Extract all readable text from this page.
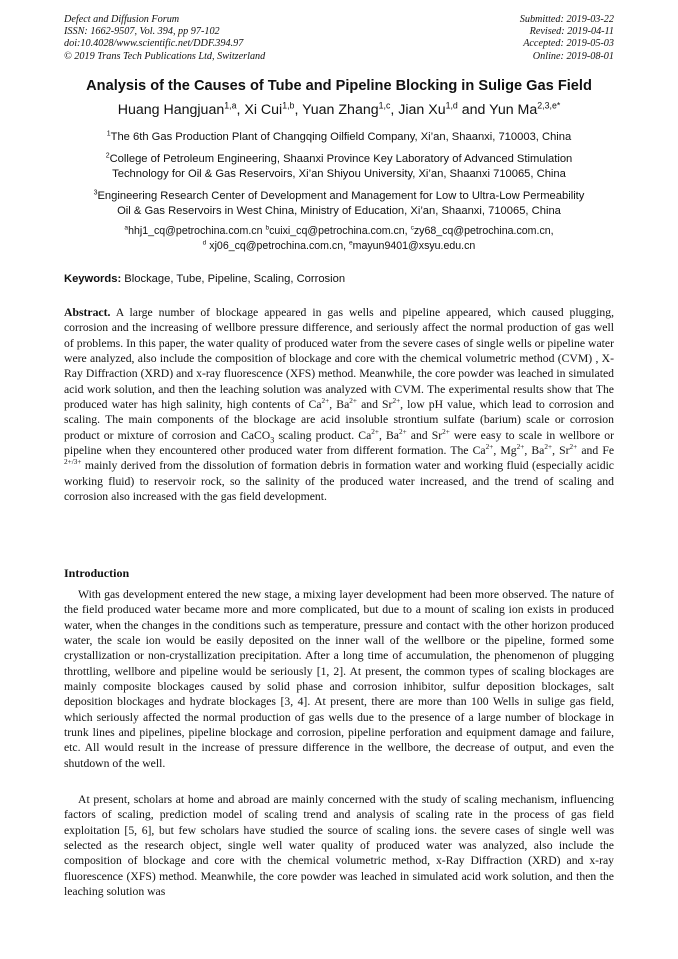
Defect and Diffusion Forum
ISSN: 1662-9507, Vol. 394, pp 97-102
doi:10.4028/www.scientific.net/DDF.394.97
© 2019 Trans Tech Publications Ltd, Switzerland
Submitted: 2019-03-22
Revised: 2019-04-11
Accepted: 2019-05-03
Online: 2019-08-01
Analysis of the Causes of Tube and Pipeline Blocking in Sulige Gas Field
Huang Hangjuan$^{1,a}$, Xi Cui$^{1,b}$, Yuan Zhang$^{1,c}$, Jian Xu$^{1,d}$ and Yun $Ma^{2,3,e*}$
$^1$The 6th Gas Production Plant of Changqing Oilfield Company, Xi’an, Shaanxi, 710003, China
$^2$College of Petroleum Engineering, Shaanxi Province Key Laboratory of Advanced Stimulation
Technology for Oil & Gas Reservoirs, Xi’an Shiyou University, Xi’an, Shaanxi 710065, China
$^3$Engineering Research Center of Development and Management for Low to Ultra-Low Permeability
Oil & Gas Reservoirs in West China, Ministry of Education, Xi’an, Shaanxi, 710065, China
$^a$hhj1_cq@petrochina.com.cn $^b$cuixi_cq@petrochina.com.cn, $^c$zy68_cq@petrochina.com.cn,
$^d$ xj06_cq@petrochina.com.cn, $^e$mayun9401@xsyu.edu.cn
Keywords: Blockage, Tube, Pipeline, Scaling, Corrosion
Abstract. A large number of blockage appeared in gas wells and pipeline appeared, which caused plugging, corrosion and the increasing of wellbore pressure difference, and seriously affect the normal production of gas well of problems. In this paper, the water quality of produced water from the severe cases of single wells or pipeline water were analyzed, also include the composition of blockage and core with the chemical volumetric method (CVM) , X-Ray Diffraction (XRD) and x-ray fluorescence (XFS) method. Meanwhile, the core powder was leached in simulated acid work solution, and then the leaching solution was analyzed with CVM. The experimental results show that The produced water has high salinity, high contents of $Ca^{2+}$, $Ba^{2+}$ and $Sr^{2+}$, low pH value, which lead to corrosion and scaling. The main components of the blockage are acid insoluble strontium sulfate (barium) scale or corrosion product or mixture of corrosion and CaCO$_3$ scaling product. $Ca^{2+}$, $Ba^{2+}$ and $Sr^{2+}$ were easy to scale in wellbore or pipeline when they encountered other produced water from different formation. The $Ca^{2+}$, $Mg^{2+}$, $Ba^{2+}$, $Sr^{2+}$ and Fe $^{2+/3+}$ mainly derived from the dissolution of formation debris in formation water and working fluid (especially acidic working fluid) to reservoir rock, so the salinity of the produced water increased, and the trend of scaling and corrosion also increased with the gas field development.
Introduction
With gas development entered the new stage, a mixing layer development had been more observed. The nature of the field produced water became more and more complicated, but due to a mount of scaling ion exists in produced water, when the changes in the conditions such as temperature, pressure and contact with the other horizon produced water, the scale ion would be easily deposited on the inner wall of the wellbore or the pipeline, formed some crystallization or non-crystallization precipitation. After a long time of accumulation, the phenomenon of plugging throttling, wellbore and pipeline would be seriously [1, 2]. At present, the common types of scaling blockages are mainly composite blockages caused by solid phase and corrosion inhibitor, sulfur deposition blockages, salt deposition blockages and hydrate blockages [3, 4]. At present, there are more than 100 Wells in sulige gas field, which seriously affected the normal production of gas wells due to the presence of a large number of blockage in trunk lines and pipelines, pipeline blockage and corrosion, pipeline perforation and equipment damage and failure, etc. All would result in the increase of pressure difference in the wellbore, the decrease of output, and even the shutdown of the well.
At present, scholars at home and abroad are mainly concerned with the study of scaling mechanism, influencing factors of scaling, prediction model of scaling trend and analysis of scaling rate in the process of gas field exploitation [5, 6], but few scholars have studied the source of scaling ions. the severe cases of single well was selected as the research object, single well water quality of produced water was analyzed, also include the composition of blockage and core with the chemical volumetric method, x-Ray Diffraction (XRD) and x-ray fluorescence (XFS) method. Meanwhile, the core powder was leached in simulated acid work solution, and then the leaching solution was
